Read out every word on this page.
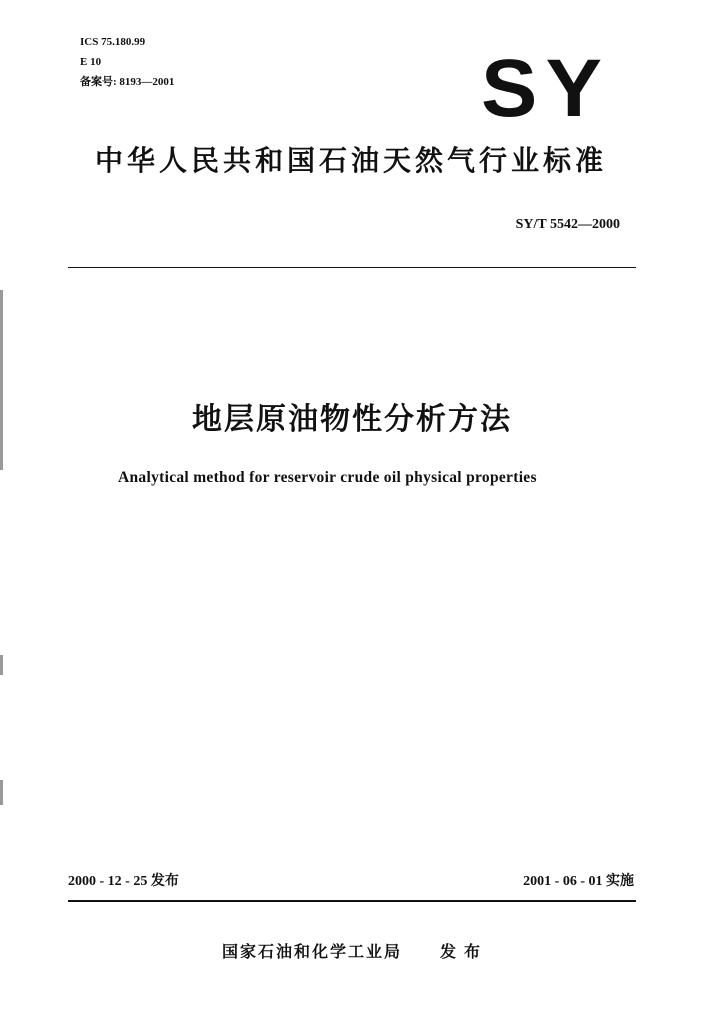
ICS 75.180.99
E 10
备案号: 8193—2001	SY
中华人民共和国石油天然气行业标准
SY/T 5542—2000
地层原油物性分析方法
Analytical method for reservoir crude oil physical properties
2000 - 12 - 25 发布	2001 - 06 - 01 实施
国家石油和化学工业局 发 布
